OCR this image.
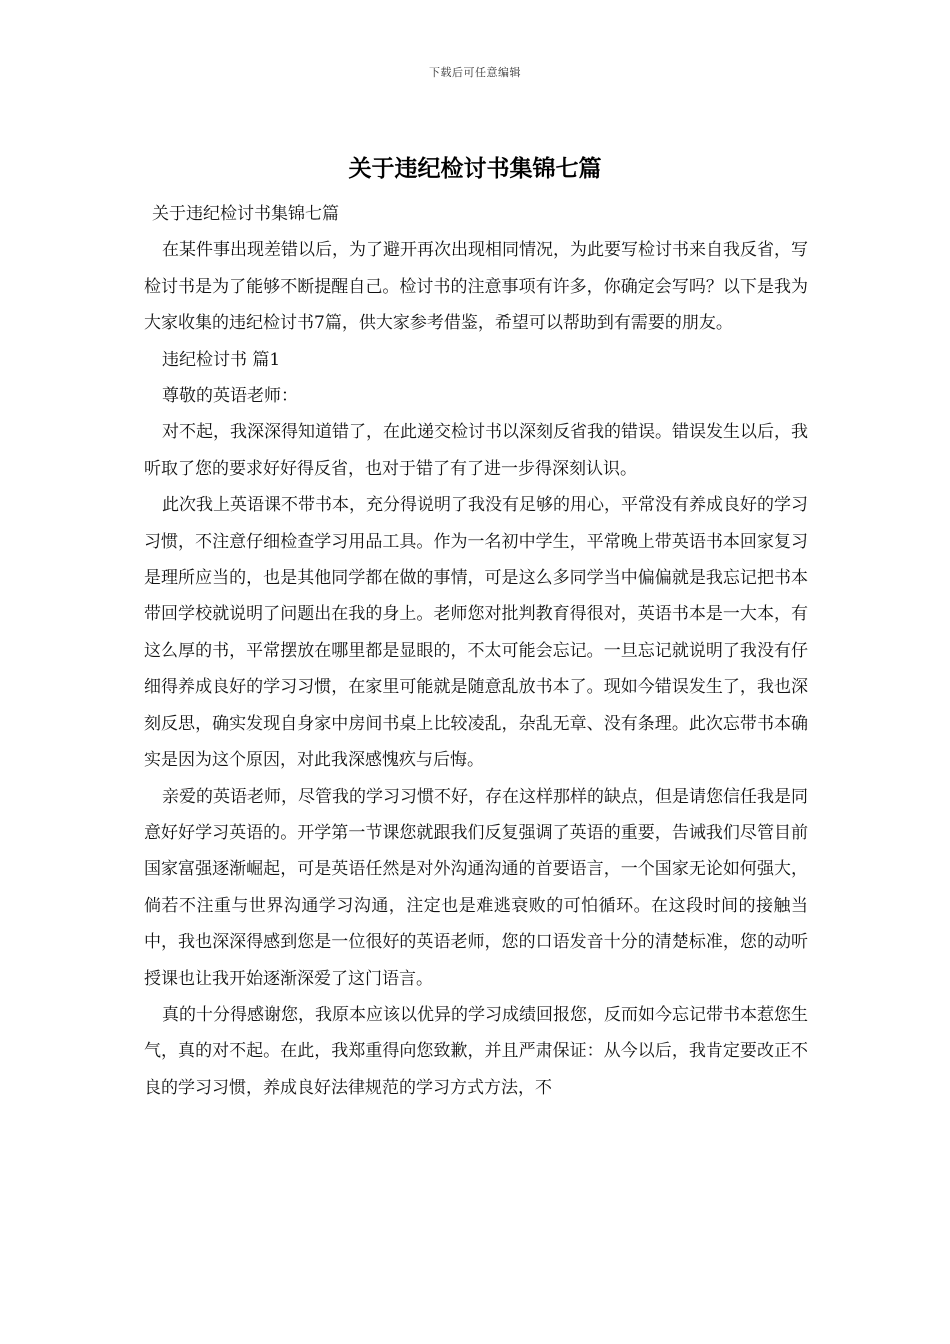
下载后可任意编辑
关于违纪检讨书集锦七篇

关于违纪检讨书集锦七篇

在某件事出现差错以后，为了避开再次出现相同情况，为此要写检讨书来自我反省，写检讨书是为了能够不断提醒自己。检讨书的注意事项有许多，你确定会写吗？以下是我为大家收集的违纪检讨书7篇，供大家参考借鉴，希望可以帮助到有需要的朋友。

违纪检讨书 篇1

尊敬的英语老师：

对不起，我深深得知道错了，在此递交检讨书以深刻反省我的错误。错误发生以后，我听取了您的要求好好得反省，也对于错了有了进一步得深刻认识。

此次我上英语课不带书本，充分得说明了我没有足够的用心，平常没有养成良好的学习习惯，不注意仔细检查学习用品工具。作为一名初中学生，平常晚上带英语书本回家复习是理所应当的，也是其他同学都在做的事情，可是这么多同学当中偏偏就是我忘记把书本带回学校就说明了问题出在我的身上。老师您对批判教育得很对，英语书本是一大本，有这么厚的书，平常摆放在哪里都是显眼的，不太可能会忘记。一旦忘记就说明了我没有仔细得养成良好的学习习惯，在家里可能就是随意乱放书本了。现如今错误发生了，我也深刻反思，确实发现自身家中房间书桌上比较凌乱，杂乱无章、没有条理。此次忘带书本确实是因为这个原因，对此我深感愧疚与后悔。

亲爱的英语老师，尽管我的学习习惯不好，存在这样那样的缺点，但是请您信任我是同意好好学习英语的。开学第一节课您就跟我们反复强调了英语的重要，告诫我们尽管目前国家富强逐渐崛起，可是英语任然是对外沟通沟通的首要语言，一个国家无论如何强大，倘若不注重与世界沟通学习沟通，注定也是难逃衰败的可怕循环。在这段时间的接触当中，我也深深得感到您是一位很好的英语老师，您的口语发音十分的清楚标准，您的动听授课也让我开始逐渐深爱了这门语言。

真的十分得感谢您，我原本应该以优异的学习成绩回报您，反而如今忘记带书本惹您生气，真的对不起。在此，我郑重得向您致歉，并且严肃保证：从今以后，我肯定要改正不良的学习习惯，养成良好法律规范的学习方式方法，不
